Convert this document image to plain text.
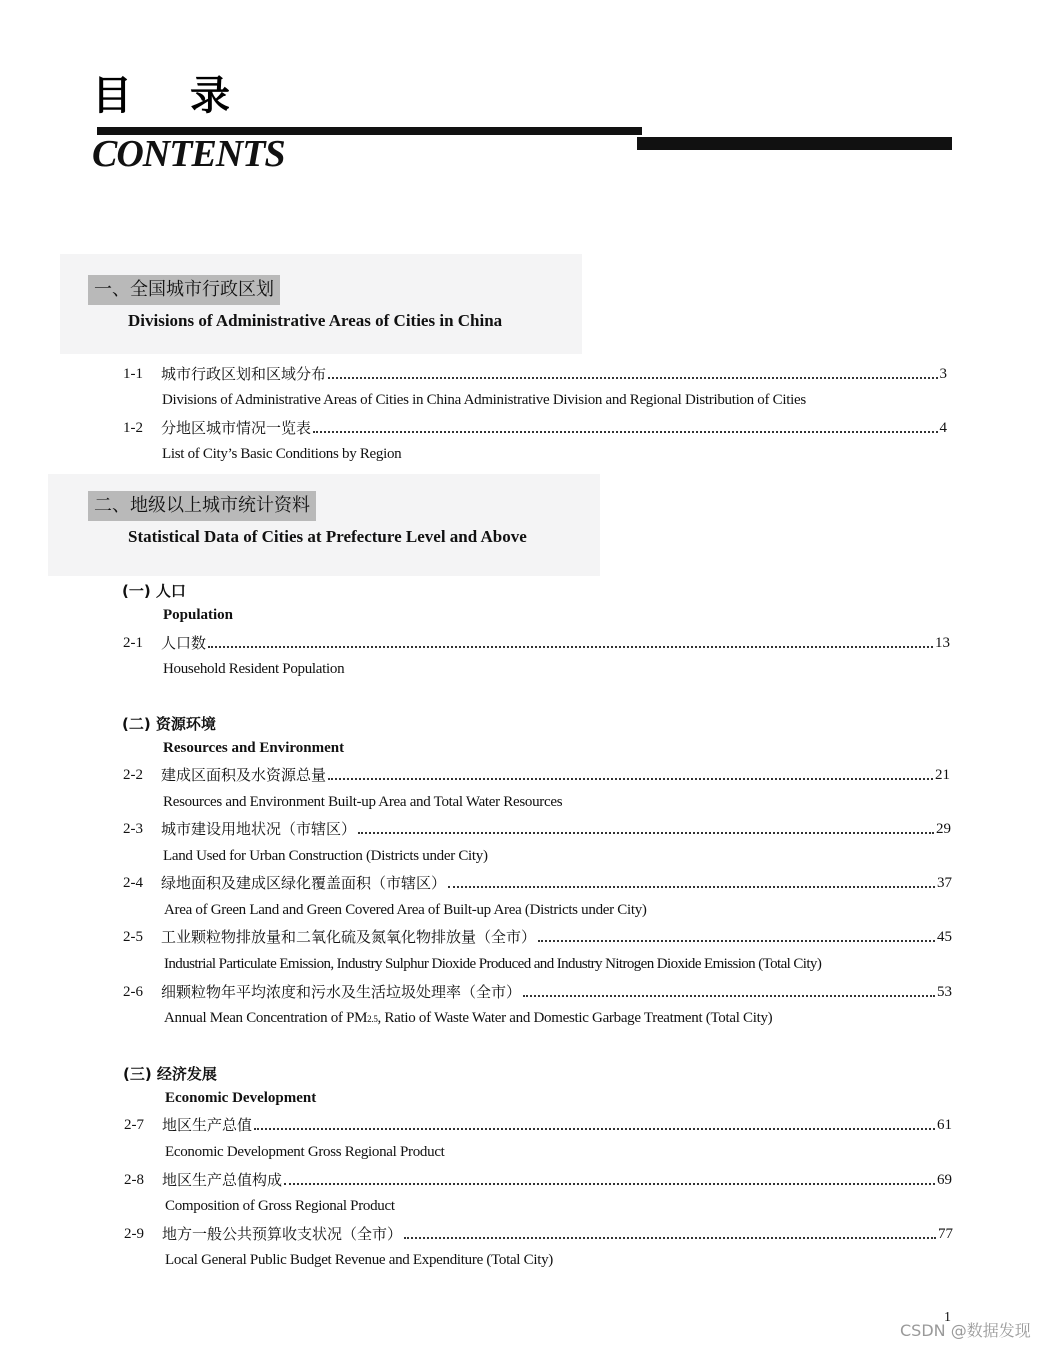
目录
CONTENTS
一、全国城市行政区划
Divisions of Administrative Areas of Cities in China
1-1	城市行政区划和区域分布	3
Divisions of Administrative Areas of Cities in China Administrative Division and Regional Distribution of Cities
1-2	分地区城市情况一览表	4
List of City’s Basic Conditions by Region
二、地级以上城市统计资料
Statistical Data of Cities at Prefecture Level and Above
(一) 人口
Population
2-1	人口数	13
Household Resident Population
(二) 资源环境
Resources and Environment
2-2	建成区面积及水资源总量	21
Resources and Environment Built-up Area and Total Water Resources
2-3	城市建设用地状况（市辖区）	29
Land Used for Urban Construction (Districts under City)
2-4	绿地面积及建成区绿化覆盖面积（市辖区）	37
Area of Green Land and Green Covered Area of Built-up Area (Districts under City)
2-5	工业颗粒物排放量和二氧化硫及氮氧化物排放量（全市）	45
Industrial Particulate Emission, Industry Sulphur Dioxide Produced and Industry Nitrogen Dioxide Emission (Total City)
2-6	细颗粒物年平均浓度和污水及生活垃圾处理率（全市）	53
Annual Mean Concentration of PM2.5, Ratio of Waste Water and Domestic Garbage Treatment (Total City)
(三) 经济发展
Economic Development
2-7	地区生产总值	61
Economic Development Gross Regional Product
2-8	地区生产总值构成	69
Composition of Gross Regional Product
2-9	地方一般公共预算收支状况（全市）	77
Local General Public Budget Revenue and Expenditure (Total City)
1
CSDN @数据发现
